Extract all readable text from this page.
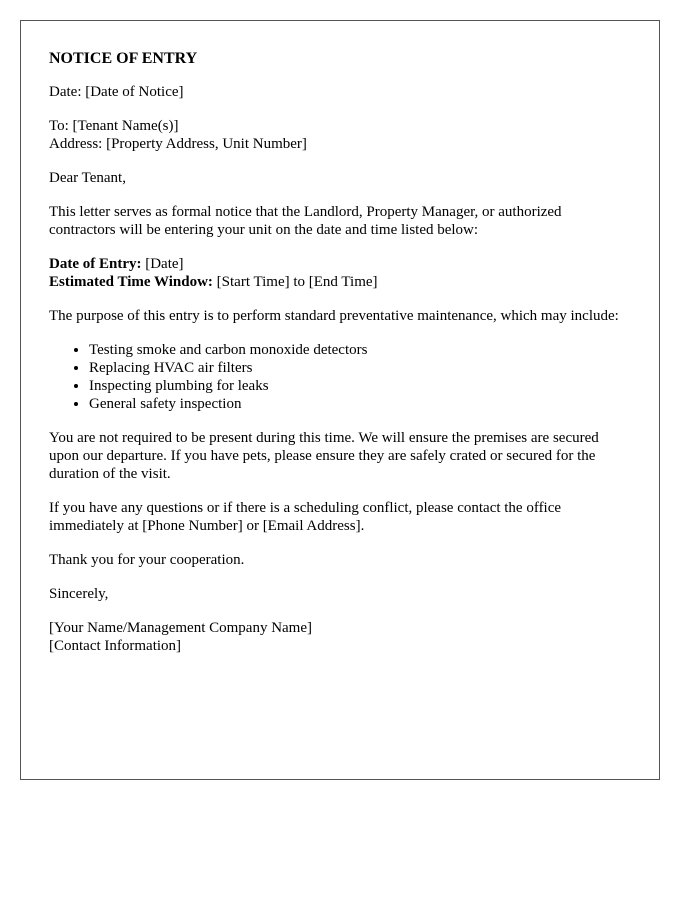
NOTICE OF ENTRY
Date: [Date of Notice]
To: [Tenant Name(s)]
Address: [Property Address, Unit Number]
Dear Tenant,
This letter serves as formal notice that the Landlord, Property Manager, or authorized contractors will be entering your unit on the date and time listed below:
Date of Entry: [Date]
Estimated Time Window: [Start Time] to [End Time]
The purpose of this entry is to perform standard preventative maintenance, which may include:
• Testing smoke and carbon monoxide detectors
• Replacing HVAC air filters
• Inspecting plumbing for leaks
• General safety inspection
You are not required to be present during this time. We will ensure the premises are secured upon our departure. If you have pets, please ensure they are safely crated or secured for the duration of the visit.
If you have any questions or if there is a scheduling conflict, please contact the office immediately at [Phone Number] or [Email Address].
Thank you for your cooperation.
Sincerely,
[Your Name/Management Company Name]
[Contact Information]
